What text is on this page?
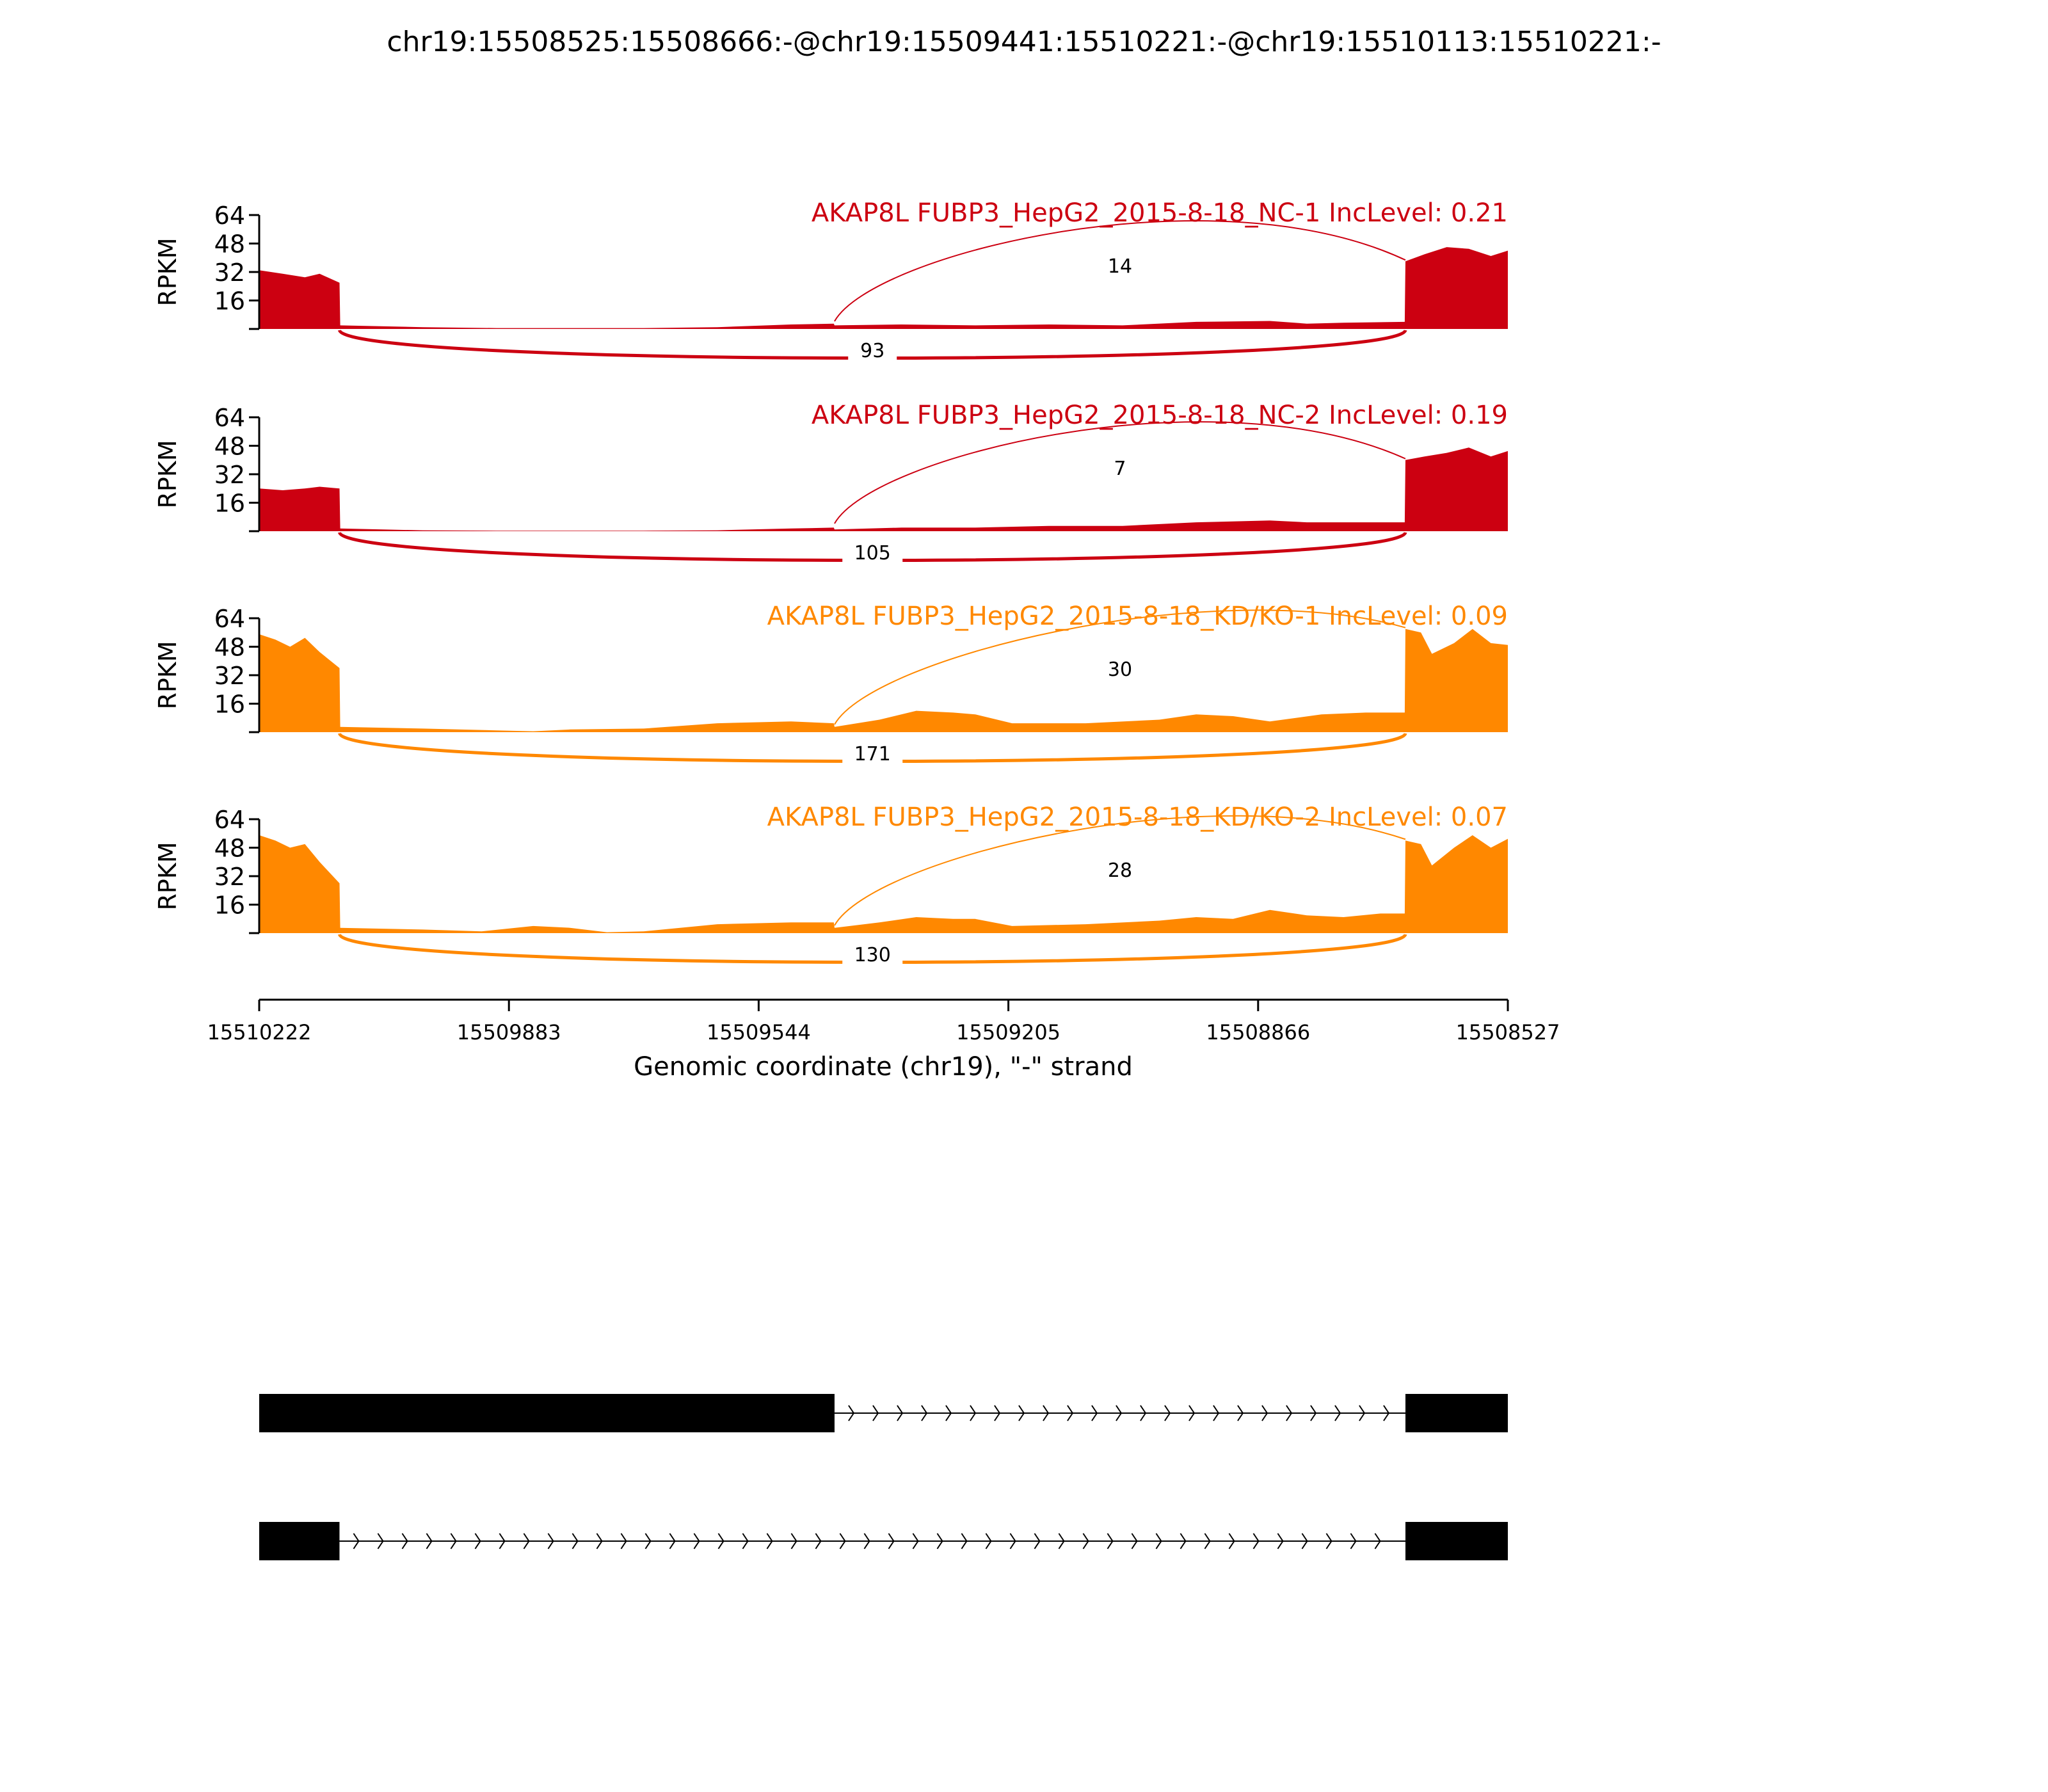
chr19:15508525:15508666:-@chr19:15509441:15510221:-@chr19:15510113:15510221:-
16
32
48
64
RPKM
AKAP8L FUBP3_HepG2_2015-8-18_NC-1 IncLevel: 0.21
14
93
16
32
48
64
RPKM
AKAP8L FUBP3_HepG2_2015-8-18_NC-2 IncLevel: 0.19
7
105
16
32
48
64
RPKM
AKAP8L FUBP3_HepG2_2015-8-18_KD/KO-1 IncLevel: 0.09
30
171
16
32
48
64
RPKM
AKAP8L FUBP3_HepG2_2015-8-18_KD/KO-2 IncLevel: 0.07
28
130
15510222	15509883	15509544	15509205	15508866	15508527
Genomic coordinate (chr19), "-" strand
